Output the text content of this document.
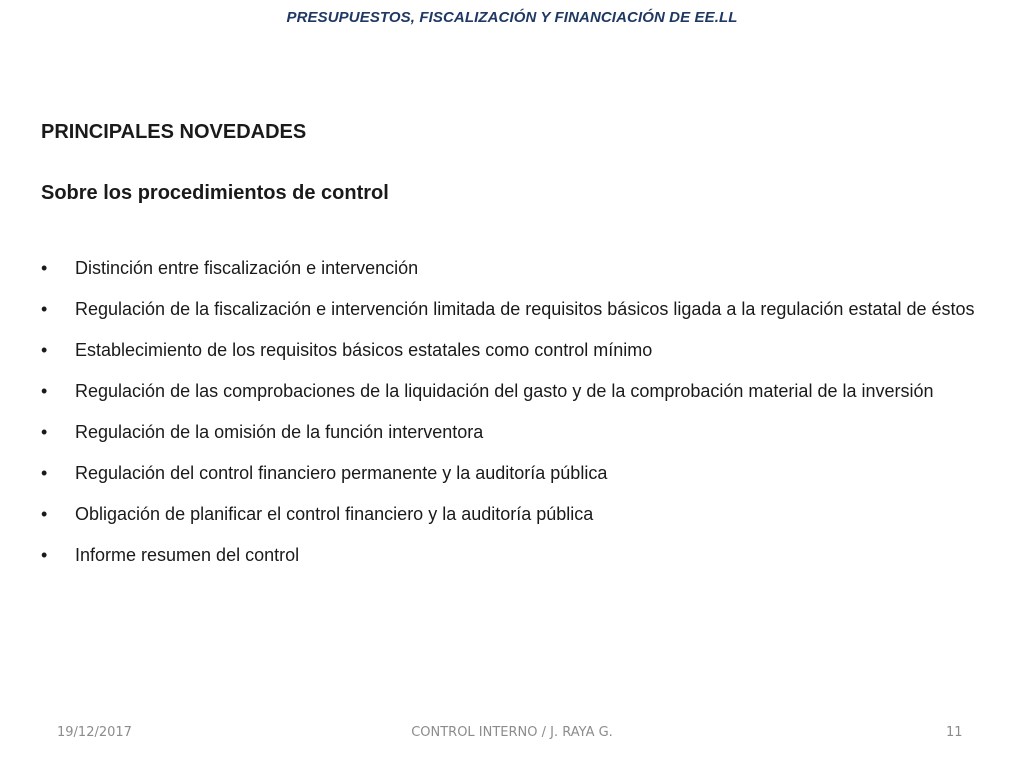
PRESUPUESTOS, FISCALIZACIÓN Y FINANCIACIÓN DE EE.LL
PRINCIPALES NOVEDADES
Sobre los procedimientos de control
•	Distinción entre fiscalización e intervención
•	Regulación de la fiscalización e intervención limitada de requisitos básicos ligada a la regulación estatal de éstos
•	Establecimiento de los requisitos básicos estatales como control mínimo
•	Regulación de las comprobaciones de la liquidación del gasto y de la comprobación material de la inversión
•	Regulación de la omisión de la función interventora
•	Regulación del control financiero permanente y la auditoría pública
•	Obligación de planificar el control financiero y la auditoría pública
•	Informe resumen del control
19/12/2017	CONTROL INTERNO / J. RAYA G.	11
